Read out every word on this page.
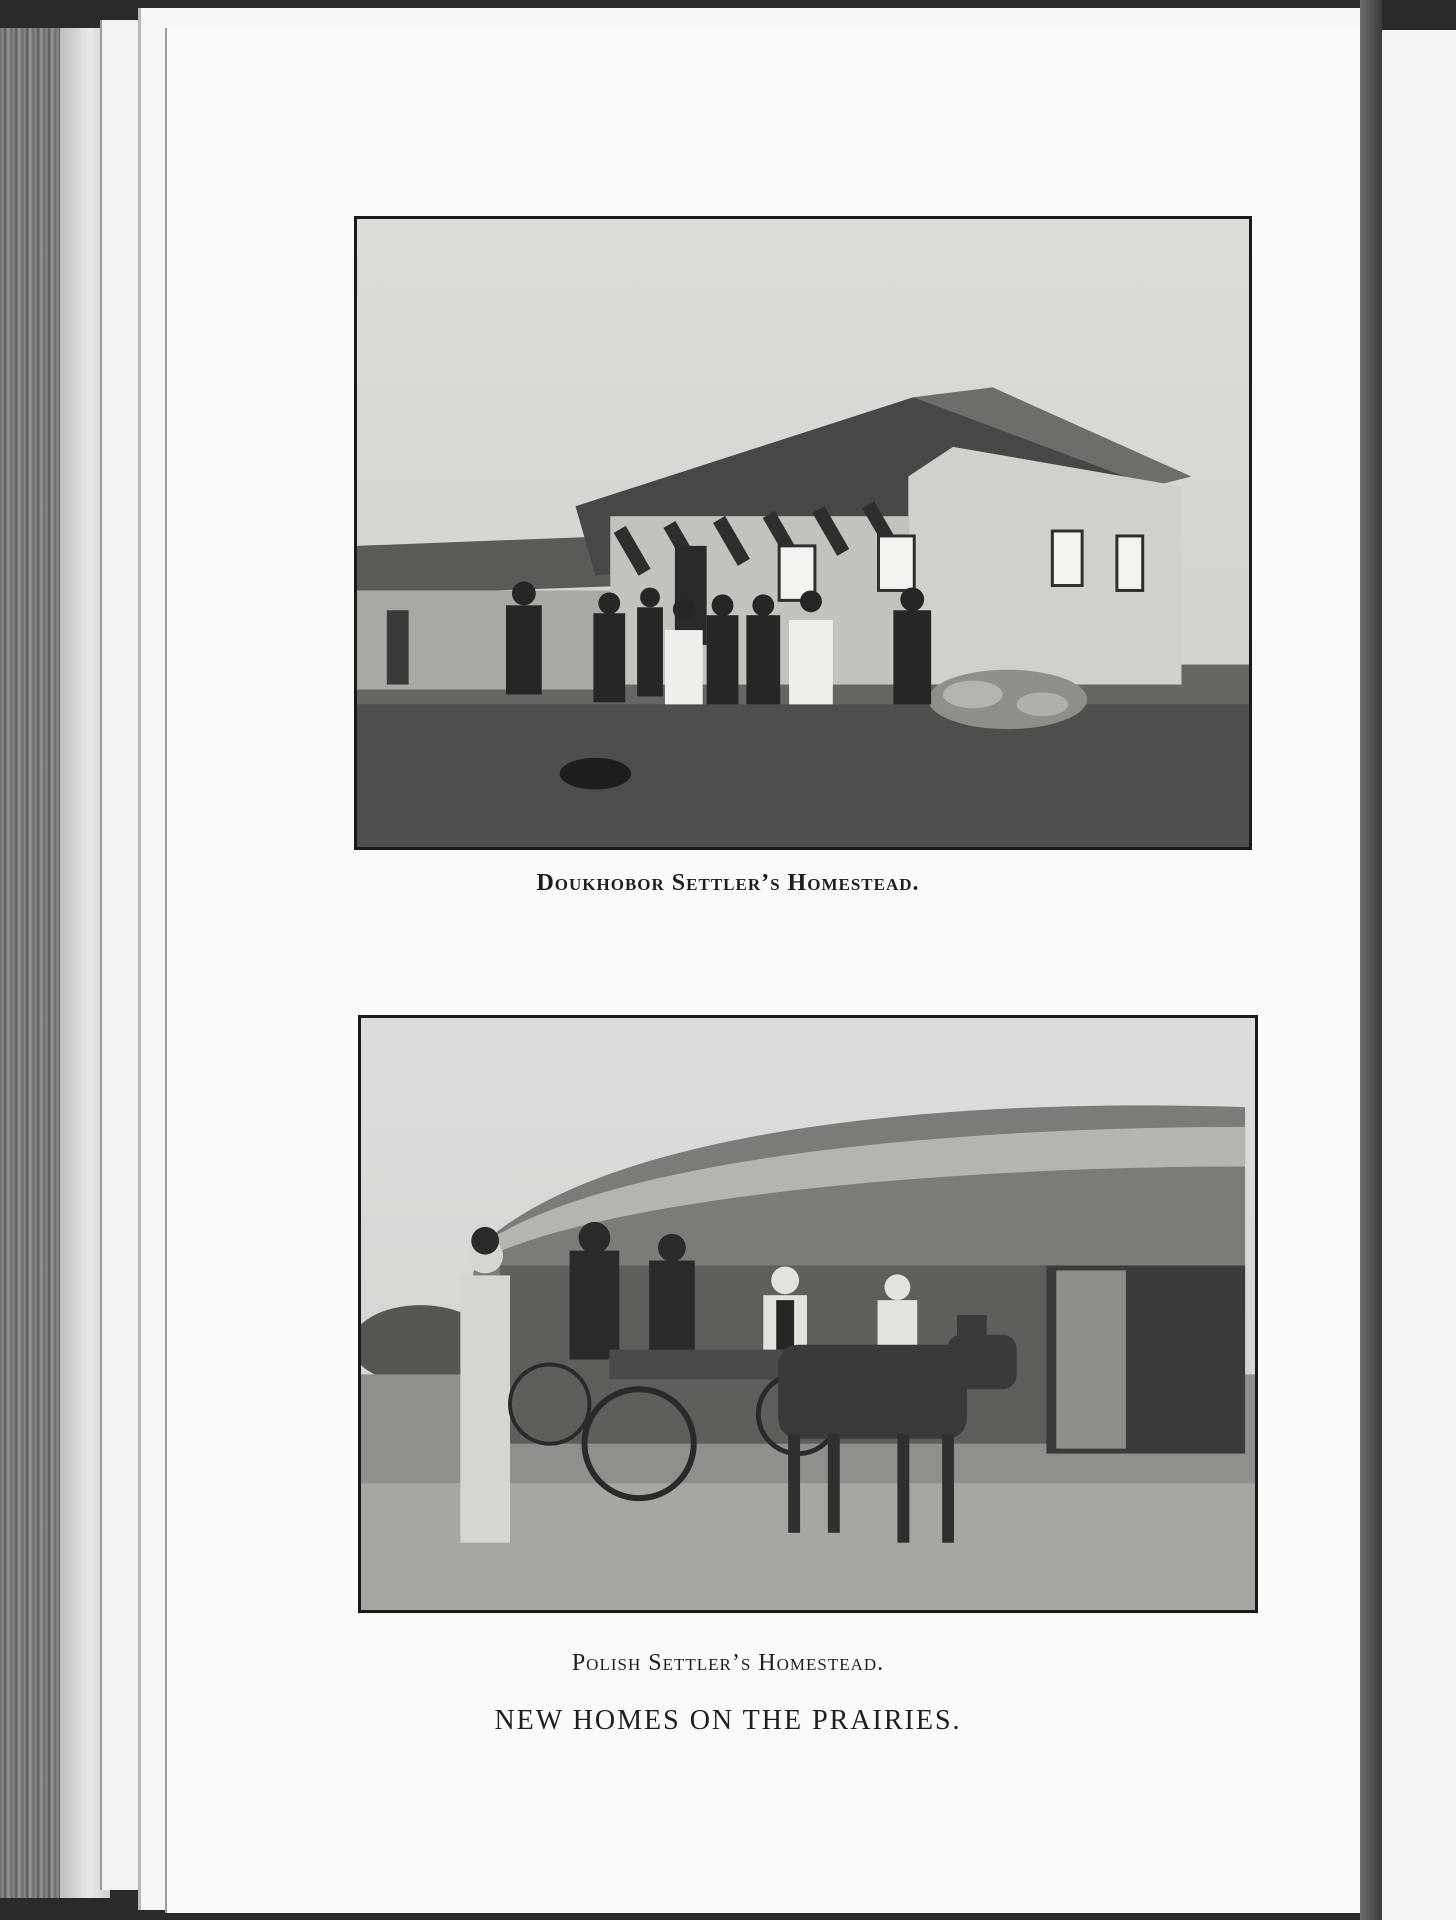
Doukhobor Settler’s Homestead.
Polish Settler’s Homestead.
NEW HOMES ON THE PRAIRIES.
